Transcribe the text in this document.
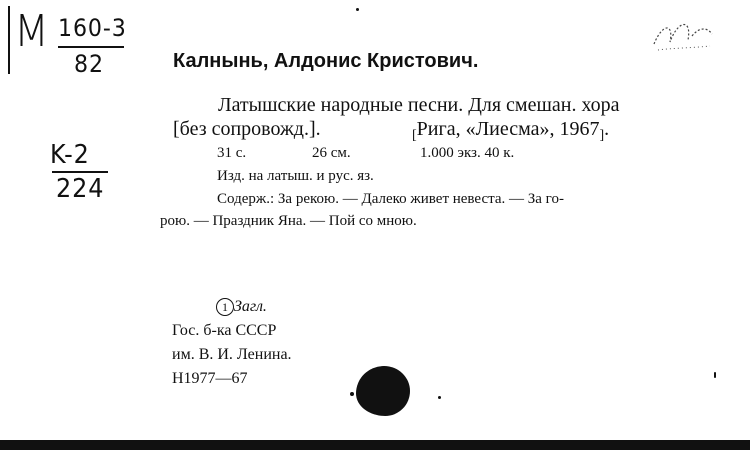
M 160-3
82
K-2
224
Калнынь, Алдонис Кристович.
Латышские народные песни. Для смешан. хора
[без сопровожд.].	$_[$Рига, «Лиесма», $1967_]$.
31 с.	26 см.	1.000 экз. 40 к.
Изд. на латыш. и рус. яз.
Содерж.: За рекою. — Далеко живет невеста. — За го-
рою. — Праздник Яна. — Пой со мною.
1 Загл.
Гос. б-ка СССР
им. В. И. Ленина.
Н1977—67
